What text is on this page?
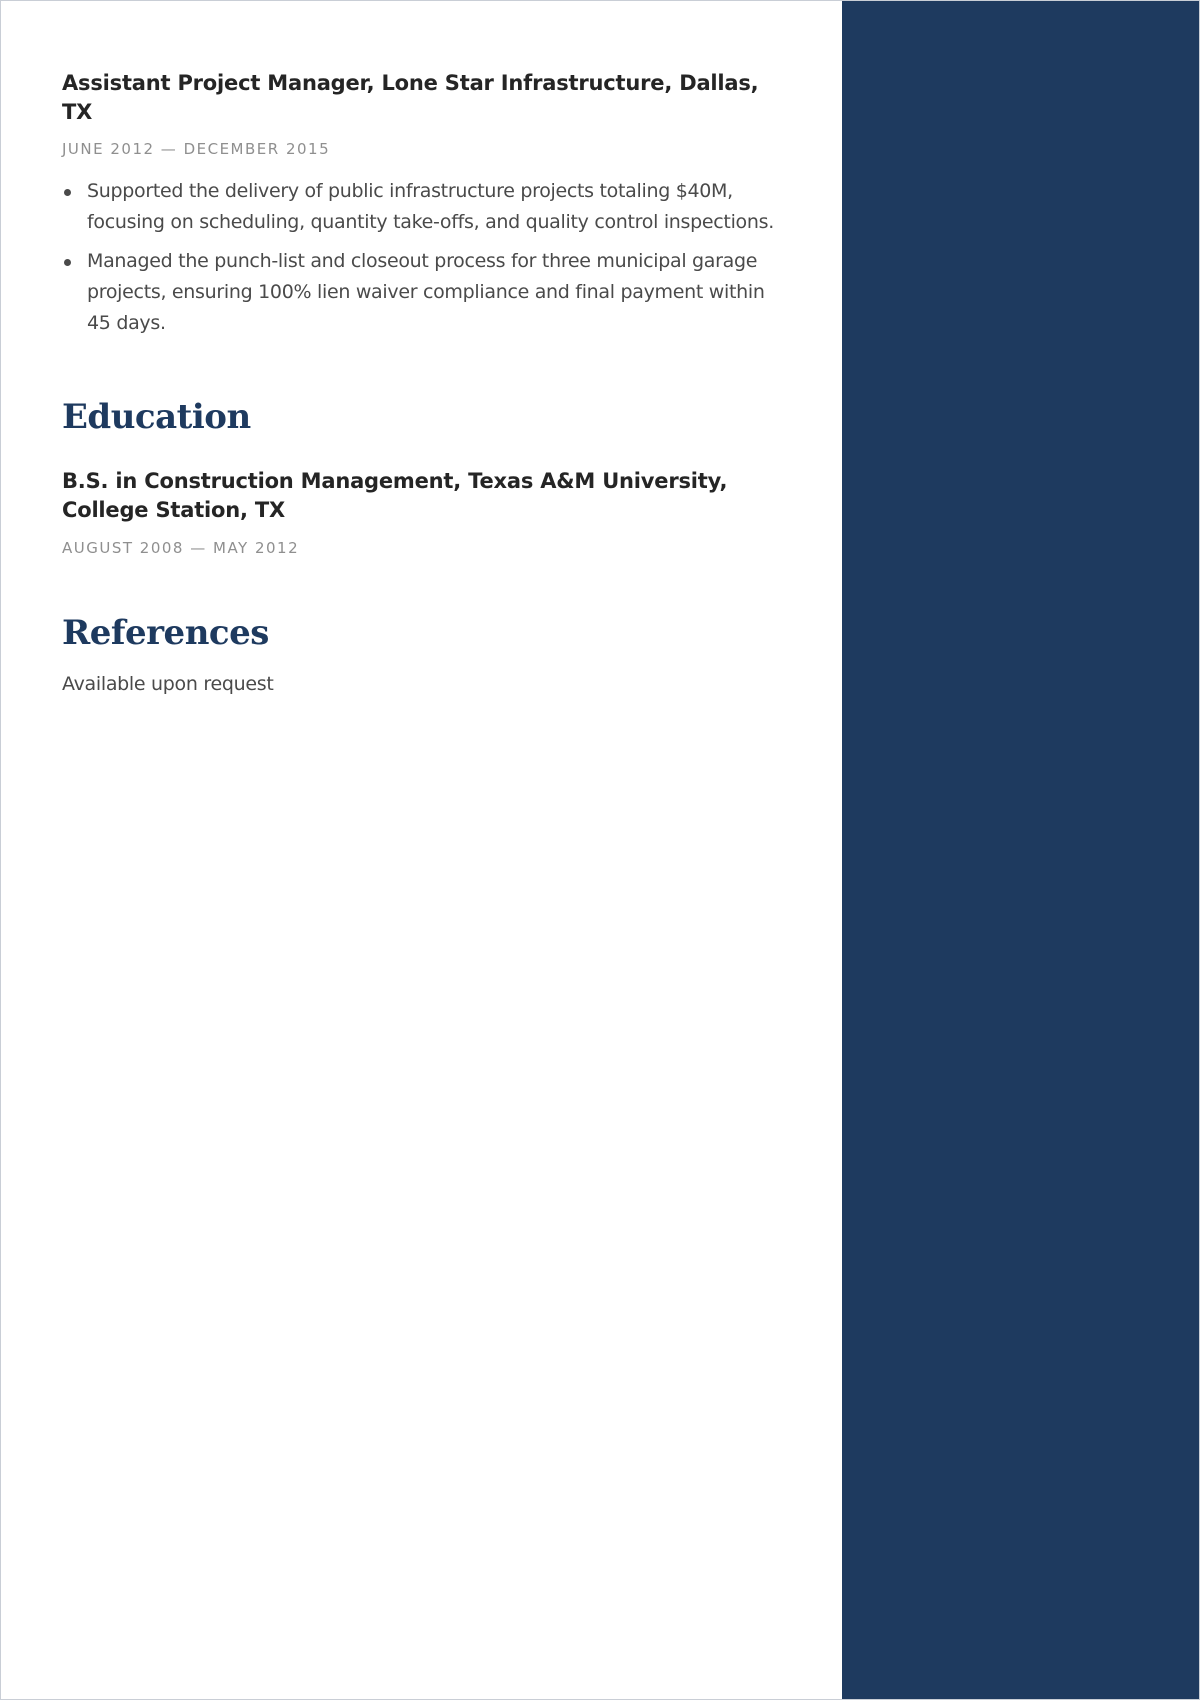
Assistant Project Manager, Lone Star Infrastructure, Dallas, TX
JUNE 2012 — DECEMBER 2015
Supported the delivery of public infrastructure projects totaling $40M, focusing on scheduling, quantity take-offs, and quality control inspections.
Managed the punch-list and closeout process for three municipal garage projects, ensuring 100% lien waiver compliance and final payment within 45 days.
Education
B.S. in Construction Management, Texas A&M University, College Station, TX
AUGUST 2008 — MAY 2012
References

Available upon request
